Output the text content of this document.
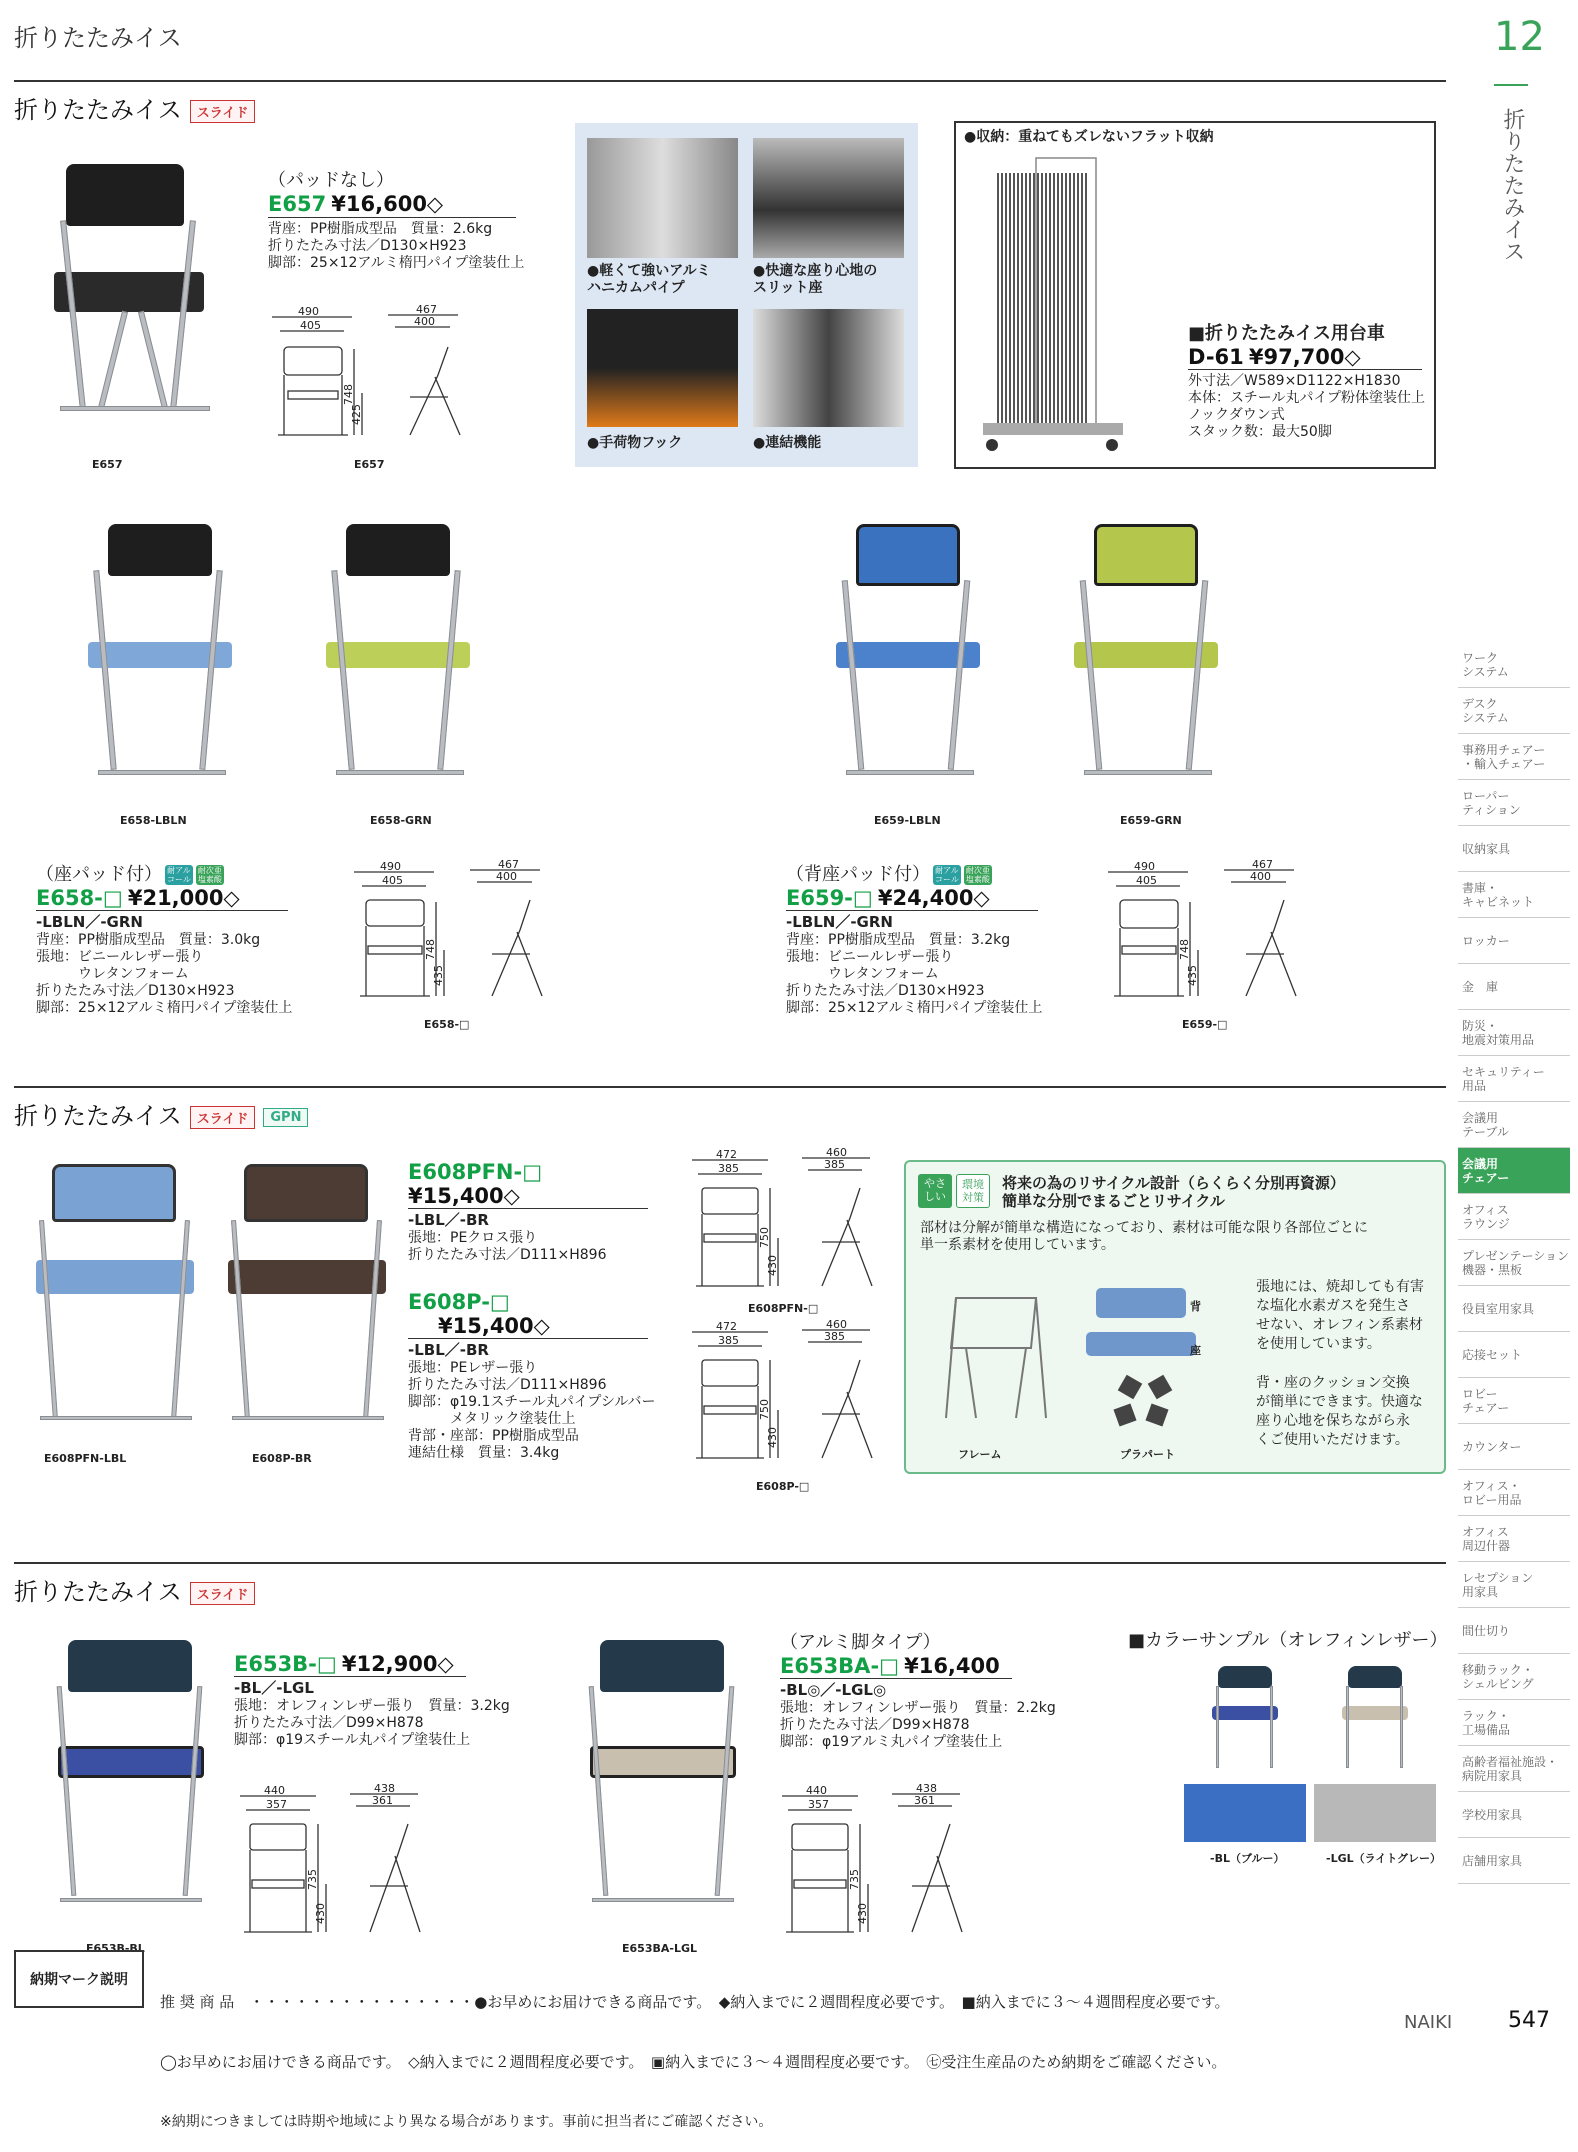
折りたたみイス	12
折りたたみイス
折りたたみイス スライド
E657
（パッドなし）
E657 ¥16,600◇
背座：PP樹脂成型品　質量：2.6kg
折りたたみ寸法／D130×H923
脚部：25×12アルミ楕円パイプ塗装仕上
490
405
467
400
748
425
E657
●軽くて強いアルミ
ハニカムパイプ
●快適な座り心地の
スリット座
●手荷物フック	●連結機能
●収納：重ねてもズレないフラット収納
■折りたたみイス用台車
D-61 ¥97,700◇
外寸法／W589×D1122×H1830
本体：スチール丸パイプ粉体塗装仕上
ノックダウン式
スタック数：最大50脚
E658-LBLN	E658-GRN	E659-LBLN	E659-GRN
（座パッド付） 耐アル
コール耐次亜
塩素酸
E658-□ ¥21,000◇
-LBLN／-GRN
背座：PP樹脂成型品　質量：3.0kg
張地：ビニールレザー張り
　　　ウレタンフォーム
折りたたみ寸法／D130×H923
脚部：25×12アルミ楕円パイプ塗装仕上
490
405
467
400
748
435
E658-□
（背座パッド付） 耐アル
コール耐次亜
塩素酸
E659-□ ¥24,400◇
-LBLN／-GRN
背座：PP樹脂成型品　質量：3.2kg
張地：ビニールレザー張り
　　　ウレタンフォーム
折りたたみ寸法／D130×H923
脚部：25×12アルミ楕円パイプ塗装仕上
490
405
467
400
748
435
E659-□
折りたたみイス スライド GPN
E608PFN-LBL	E608P-BR
E608PFN-□ ¥15,400◇
-LBL／-BR
張地：PEクロス張り
折りたたみ寸法／D111×H896
472
385
460
385
750
430
E608PFN-□
E608P-□ ¥15,400◇
-LBL／-BR
張地：PEレザー張り
折りたたみ寸法／D111×H896
脚部：φ19.1スチール丸パイプシルバー
　　　メタリック塗装仕上
背部・座部：PP樹脂成型品
連結仕様　質量：3.4kg
472
385
460
385
750
430
E608P-□
やさ
しい
環境
対策
将来の為のリサイクル設計（らくらく分別再資源）
簡単な分別でまるごとリサイクル
部材は分解が簡単な構造になっており、素材は可能な限り各部位ごとに
単一系素材を使用しています。
背
座
フレーム	プラパート
張地には、焼却しても有害
な塩化水素ガスを発生さ
せない、オレフィン系素材
を使用しています。
背・座のクッション交換
が簡単にできます。快適な
座り心地を保ちながら永
くご使用いただけます。
折りたたみイス スライド
E653B-BL
E653B-□ ¥12,900◇
-BL／-LGL
張地：オレフィンレザー張り　質量：3.2kg
折りたたみ寸法／D99×H878
脚部：φ19スチール丸パイプ塗装仕上
440
357
438
361
735
430
E653BA-LGL
（アルミ脚タイプ）
E653BA-□ ¥16,400
-BL◎／-LGL◎
張地：オレフィンレザー張り　質量：2.2kg
折りたたみ寸法／D99×H878
脚部：φ19アルミ丸パイプ塗装仕上
440
357
438
361
735
430
■カラーサンプル（オレフィンレザー）
-BL（ブルー）	-LGL（ライトグレー）
ワーク
システム
デスク
システム
事務用チェアー
・輸入チェアー
ローパー
ティション
収納家具
書庫・
キャビネット
ロッカー
金　庫
防災・
地震対策用品
セキュリティー
用品
会議用
テーブル
会議用
チェアー
オフィス
ラウンジ
プレゼンテーション
機器・黒板
役員室用家具
応接セット
ロビー
チェアー
カウンター
オフィス・
ロビー用品
オフィス
周辺什器
レセプション
用家具
間仕切り
移動ラック・
シェルビング
ラック・
工場備品
高齢者福祉施設・
病院用家具
学校用家具
店舗用家具
納期マーク説明

推 奨 商 品　・・・・・・・・・・・・・・・●お早めにお届けできる商品です。　◆納入までに２週間程度必要です。　■納入までに３～４週間程度必要です。

◯お早めにお届けできる商品です。　◇納入までに２週間程度必要です。　▣納入までに３～４週間程度必要です。　㊆受注生産品のため納期をご確認ください。

※納期につきましては時期や地域により異なる場合があります。事前に担当者にご確認ください。

NAIKI	547
